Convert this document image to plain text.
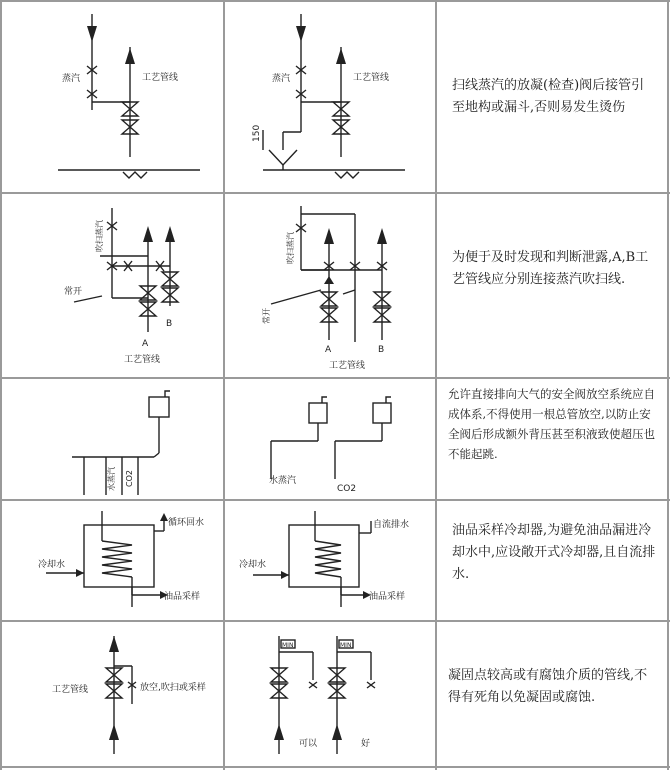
蒸汽	工艺管线	蒸汽	工艺管线
150
扫线蒸汽的放凝(检查)阀后接管引至地构或漏斗,否则易发生烫伤
吹扫蒸汽
常开
A
B
工艺管线
吹扫蒸汽
常开
A	B
工艺管线
为便于及时发现和判断泄露,A,B工艺管线应分别连接蒸汽吹扫线.
水蒸汽 CO2	水蒸汽
CO2
允许直接排向大气的安全阀放空系统应自成体系,不得使用一根总管放空,以防止安全阀后形成额外背压甚至积液致使超压也不能起跳.
冷却水
循环回水
油品采样
冷却水
自流排水
油品采样
油品采样冷却器,为避免油品漏进冷却水中,应设敞开式冷却器,且自流排水.
工艺管线	放空,吹扫或采样
MIN	MIN
可以	好
凝固点较高或有腐蚀介质的管线,不得有死角以免凝固或腐蚀.
